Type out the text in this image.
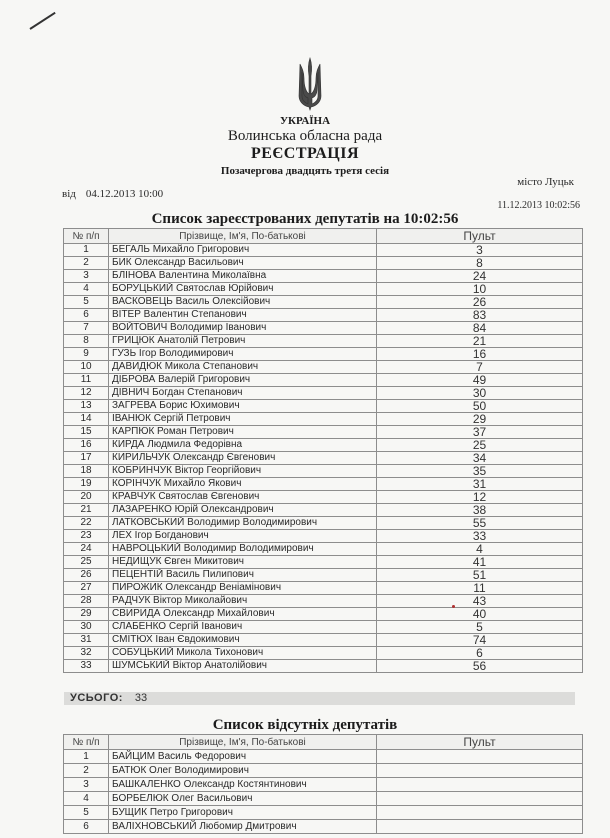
УКРАЇНА
Волинська обласна рада
РЕЄСТРАЦІЯ
Позачергова двадцять третя сесія
місто Луцьк
від 04.12.2013 10:00
11.12.2013 10:02:56
Список зареєстрованих депутатів на 10:02:56
№ п/п	Прізвище, Ім'я, По-батькові	Пульт
1	БЕГАЛЬ Михайло Григорович	3
2	БИК Олександр Васильович	8
3	БЛІНОВА Валентина Миколаївна	24
4	БОРУЦЬКИЙ Святослав Юрійович	10
5	ВАСКОВЕЦЬ Василь Олексійович	26
6	ВІТЕР Валентин Степанович	83
7	ВОЙТОВИЧ Володимир Іванович	84
8	ГРИЦЮК Анатолій Петрович	21
9	ГУЗЬ Ігор Володимирович	16
10	ДАВИДЮК Микола Степанович	7
11	ДІБРОВА Валерій Григорович	49
12	ДІВНИЧ Богдан Степанович	30
13	ЗАГРЕВА Борис Юхимович	50
14	ІВАНЮК Сергій Петрович	29
15	КАРПЮК Роман Петрович	37
16	КИРДА Людмила Федорівна	25
17	КИРИЛЬЧУК Олександр Євгенович	34
18	КОБРИНЧУК Віктор Георгійович	35
19	КОРІНЧУК Михайло Якович	31
20	КРАВЧУК Святослав Євгенович	12
21	ЛАЗАРЕНКО Юрій Олександрович	38
22	ЛАТКОВСЬКИЙ Володимир Володимирович	55
23	ЛЕХ Ігор Богданович	33
24	НАВРОЦЬКИЙ Володимир Володимирович	4
25	НЕДИЩУК Євген Микитович	41
26	ПЕЦЕНТІЙ Василь Пилипович	51
27	ПИРОЖИК Олександр Веніамінович	11
28	РАДЧУК Віктор Миколайович	43
29	СВИРИДА Олександр Михайлович	40
30	СЛАБЕНКО Сергій Іванович	5
31	СМІТЮХ Іван Євдокимович	74
32	СОБУЦЬКИЙ Микола Тихонович	6
33	ШУМСЬКИЙ Віктор Анатолійович	56
УСЬОГО: 33
Список відсутніх депутатів
№ п/п	Прізвище, Ім'я, По-батькові	Пульт
1	БАЙЦИМ Василь Федорович	
2	БАТЮК Олег Володимирович	
3	БАШКАЛЕНКО Олександр Костянтинович	
4	БОРБЕЛЮК Олег Васильович	
5	БУЩИК Петро Григорович	
6	ВАЛІХНОВСЬКИЙ Любомир Дмитрович	
